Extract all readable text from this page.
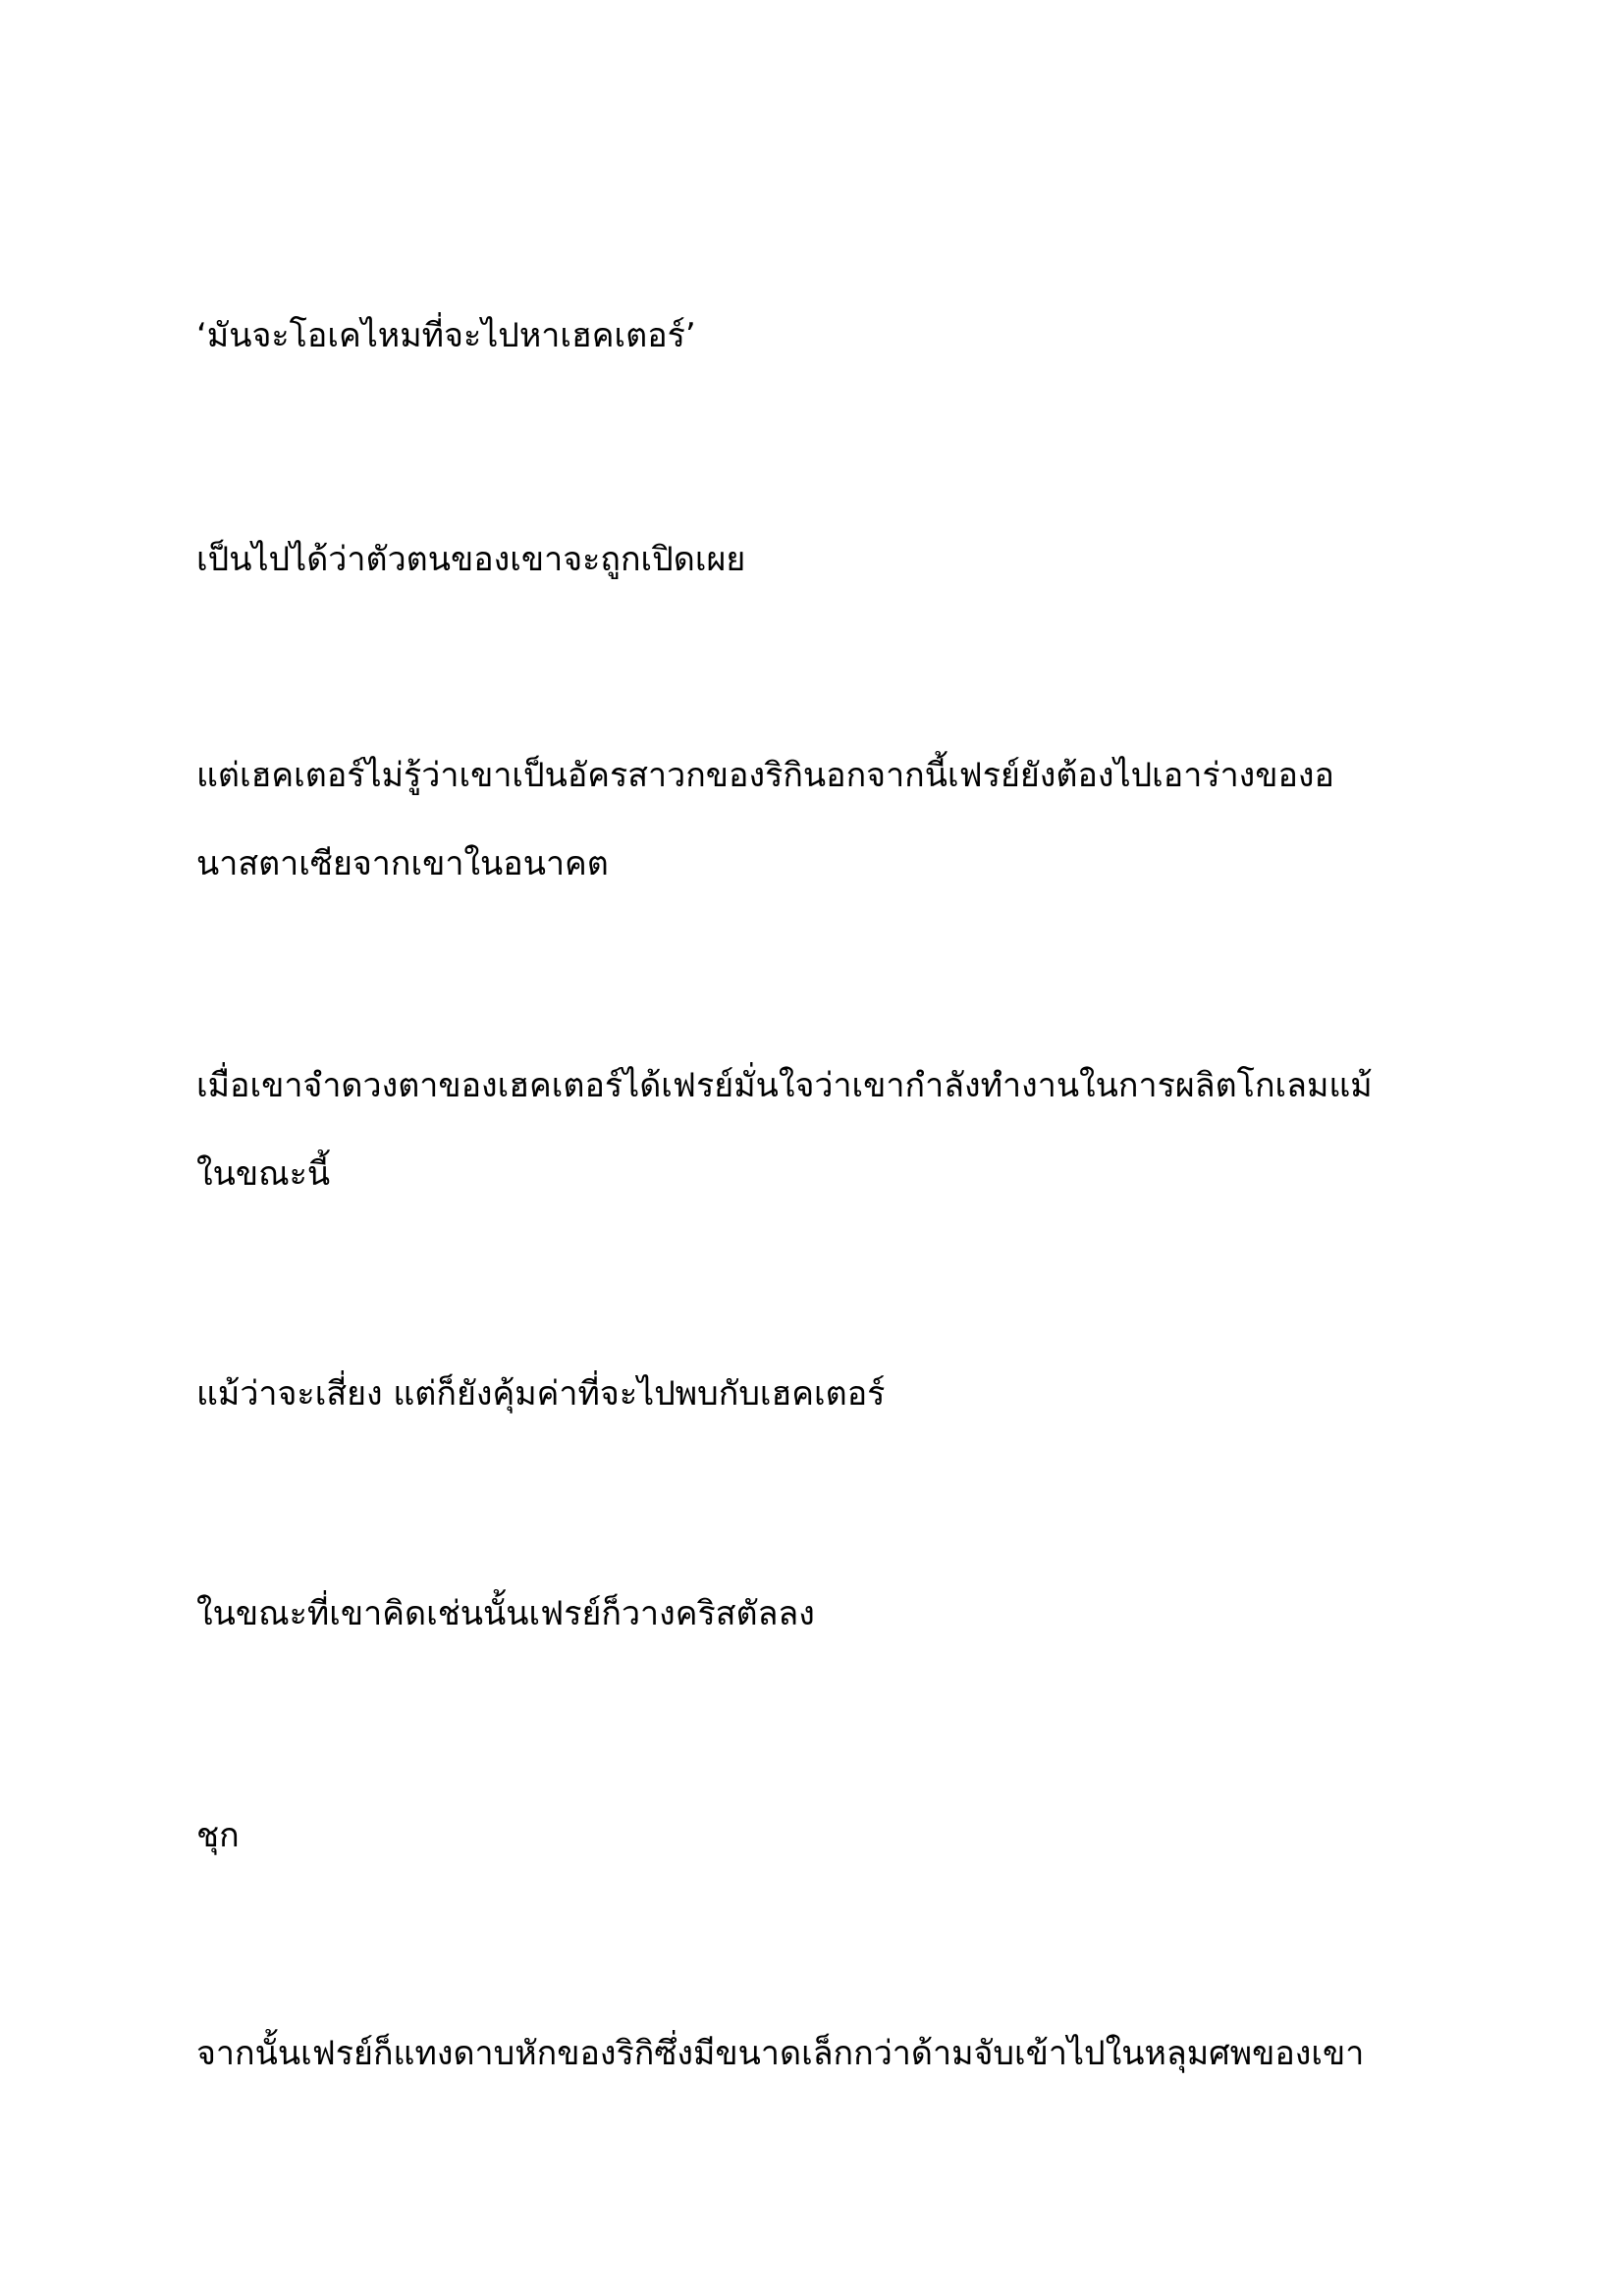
‘มันจะโอเคไหมที่จะไปหาเฮคเตอร์’

เป็นไปได้ว่าตัวตนของเขาจะถูกเปิดเผย

แต่เฮคเตอร์ไม่รู้ว่าเขาเป็นอัครสาวกของริกินอกจากนี้เฟรย์ยังต้องไปเอาร่างของอ

นาสตาเซียจากเขาในอนาคต

เมื่อเขาจำดวงตาของเฮคเตอร์ได้เฟรย์มั่นใจว่าเขากำลังทำงานในการผลิตโกเลมแม้

ในขณะนี้

แม้ว่าจะเสี่ยง แต่ก็ยังคุ้มค่าที่จะไปพบกับเฮคเตอร์

ในขณะที่เขาคิดเช่นนั้นเฟรย์ก็วางคริสตัลลง

ชุก

จากนั้นเฟรย์ก็แทงดาบหักของริกิซึ่งมีขนาดเล็กกว่าด้ามจับเข้าไปในหลุมศพของเขา
